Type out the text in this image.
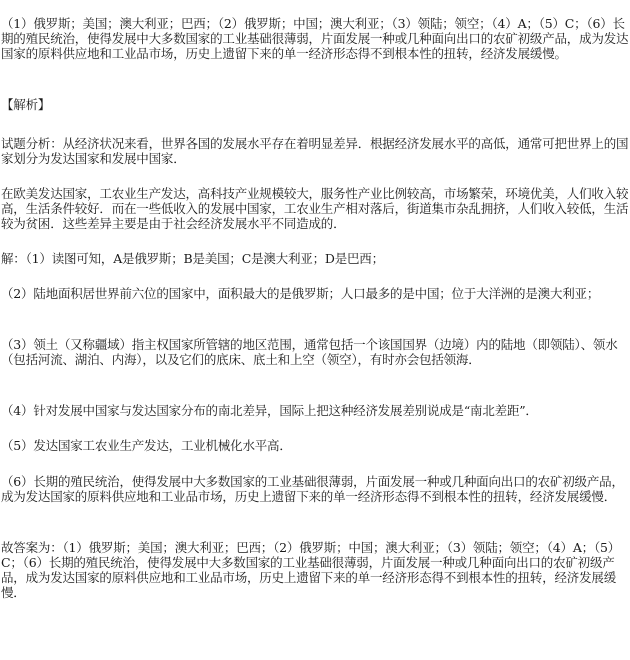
（1）俄罗斯；美国；澳大利亚；巴西；（2）俄罗斯；中国；澳大利亚；（3）领陆；领空；（4）A；（5）C；（6）长期的殖民统治，使得发展中大多数国家的工业基础很薄弱，片面发展一种或几种面向出口的农矿初级产品，成为发达国家的原料供应地和工业品市场，历史上遗留下来的单一经济形态得不到根本性的扭转，经济发展缓慢。

【解析】

试题分析：从经济状况来看，世界各国的发展水平存在着明显差异．根据经济发展水平的高低，通常可把世界上的国家划分为发达国家和发展中国家．

在欧美发达国家，工农业生产发达，高科技产业规模较大，服务性产业比例较高，市场繁荣，环境优美，人们收入较高，生活条件较好．而在一些低收入的发展中国家，工农业生产相对落后，街道集市杂乱拥挤，人们收入较低，生活较为贫困．这些差异主要是由于社会经济发展水平不同造成的．

解：（1）读图可知，A是俄罗斯；B是美国；C是澳大利亚；D是巴西；

（2）陆地面积居世界前六位的国家中，面积最大的是俄罗斯；人口最多的是中国；位于大洋洲的是澳大利亚；

（3）领土（又称疆域）指主权国家所管辖的地区范围，通常包括一个该国国界（边境）内的陆地（即领陆）、领水（包括河流、湖泊、内海），以及它们的底床、底土和上空（领空），有时亦会包括领海．

（4）针对发展中国家与发达国家分布的南北差异，国际上把这种经济发展差别说成是“南北差距”．

（5）发达国家工农业生产发达，工业机械化水平高．

（6）长期的殖民统治，使得发展中大多数国家的工业基础很薄弱，片面发展一种或几种面向出口的农矿初级产品，成为发达国家的原料供应地和工业品市场，历史上遗留下来的单一经济形态得不到根本性的扭转，经济发展缓慢．

故答案为：（1）俄罗斯；美国；澳大利亚；巴西；（2）俄罗斯；中国；澳大利亚；（3）领陆；领空；（4）A；（5）C；（6）长期的殖民统治，使得发展中大多数国家的工业基础很薄弱，片面发展一种或几种面向出口的农矿初级产品，成为发达国家的原料供应地和工业品市场，历史上遗留下来的单一经济形态得不到根本性的扭转，经济发展缓慢．
